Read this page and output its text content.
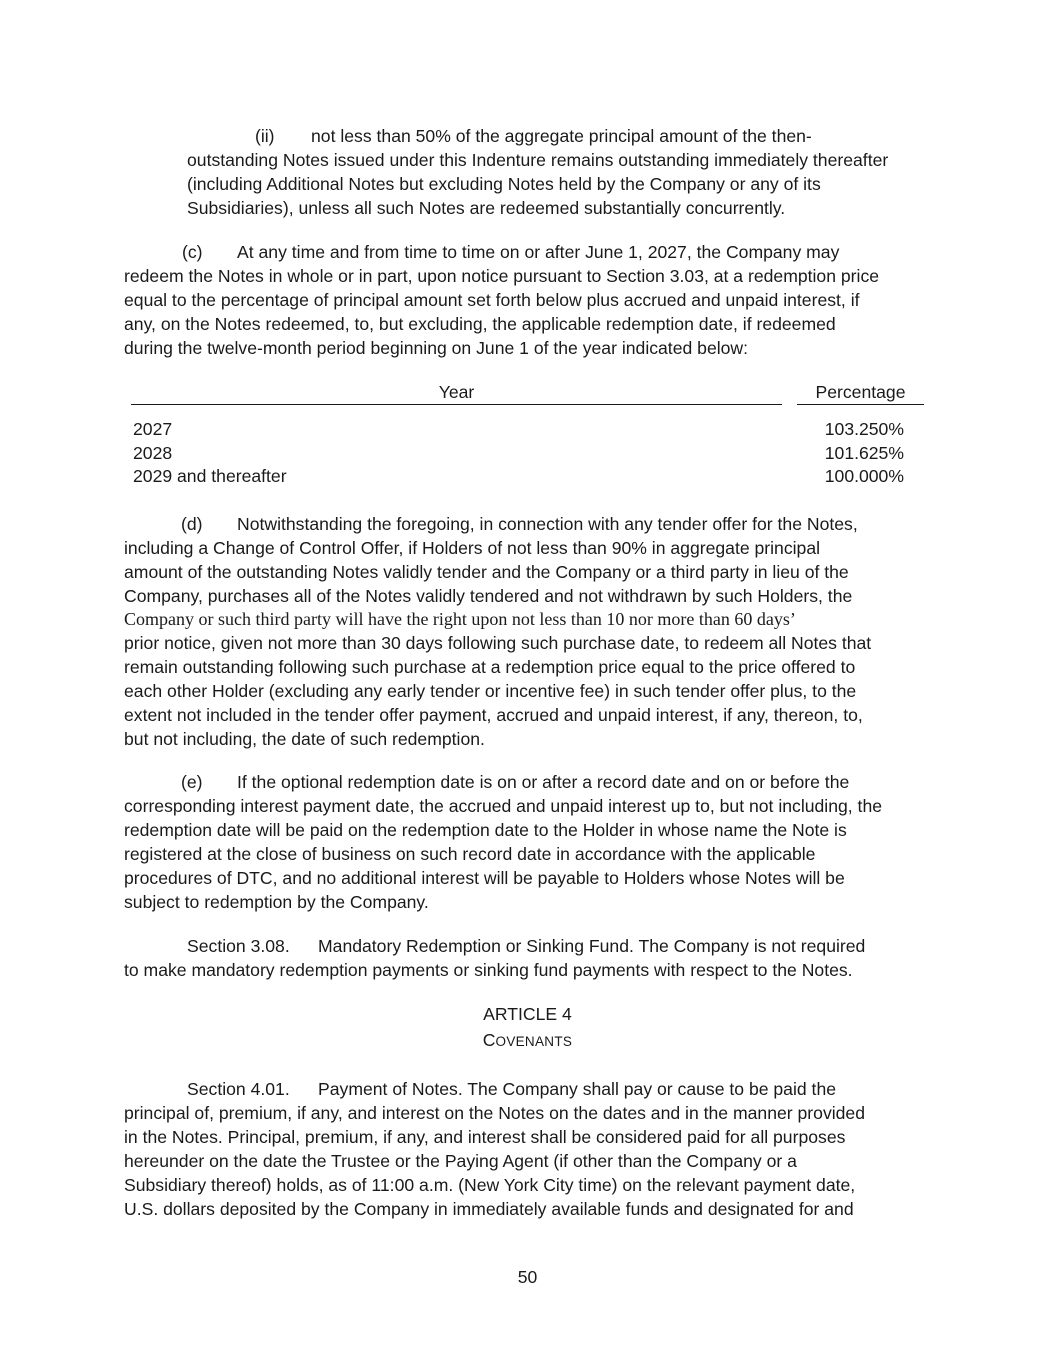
(ii) not less than 50% of the aggregate principal amount of the then-
outstanding Notes issued under this Indenture remains outstanding immediately thereafter
(including Additional Notes but excluding Notes held by the Company or any of its
Subsidiaries), unless all such Notes are redeemed substantially concurrently.
(c) At any time and from time to time on or after June 1, 2027, the Company may
redeem the Notes in whole or in part, upon notice pursuant to Section 3.03, at a redemption price
equal to the percentage of principal amount set forth below plus accrued and unpaid interest, if
any, on the Notes redeemed, to, but excluding, the applicable redemption date, if redeemed
during the twelve-month period beginning on June 1 of the year indicated below:
Year	Percentage
2027	103.250%
2028	101.625%
2029 and thereafter	100.000%
(d) Notwithstanding the foregoing, in connection with any tender offer for the Notes,
including a Change of Control Offer, if Holders of not less than 90% in aggregate principal
amount of the outstanding Notes validly tender and the Company or a third party in lieu of the
Company, purchases all of the Notes validly tendered and not withdrawn by such Holders, the
Company or such third party will have the right upon not less than 10 nor more than 60 days’
prior notice, given not more than 30 days following such purchase date, to redeem all Notes that
remain outstanding following such purchase at a redemption price equal to the price offered to
each other Holder (excluding any early tender or incentive fee) in such tender offer plus, to the
extent not included in the tender offer payment, accrued and unpaid interest, if any, thereon, to,
but not including, the date of such redemption.
(e) If the optional redemption date is on or after a record date and on or before the
corresponding interest payment date, the accrued and unpaid interest up to, but not including, the
redemption date will be paid on the redemption date to the Holder in whose name the Note is
registered at the close of business on such record date in accordance with the applicable
procedures of DTC, and no additional interest will be payable to Holders whose Notes will be
subject to redemption by the Company.
Section 3.08. Mandatory Redemption or Sinking Fund. The Company is not required
to make mandatory redemption payments or sinking fund payments with respect to the Notes.
ARTICLE 4
COVENANTS
Section 4.01. Payment of Notes. The Company shall pay or cause to be paid the
principal of, premium, if any, and interest on the Notes on the dates and in the manner provided
in the Notes. Principal, premium, if any, and interest shall be considered paid for all purposes
hereunder on the date the Trustee or the Paying Agent (if other than the Company or a
Subsidiary thereof) holds, as of 11:00 a.m. (New York City time) on the relevant payment date,
U.S. dollars deposited by the Company in immediately available funds and designated for and
50
